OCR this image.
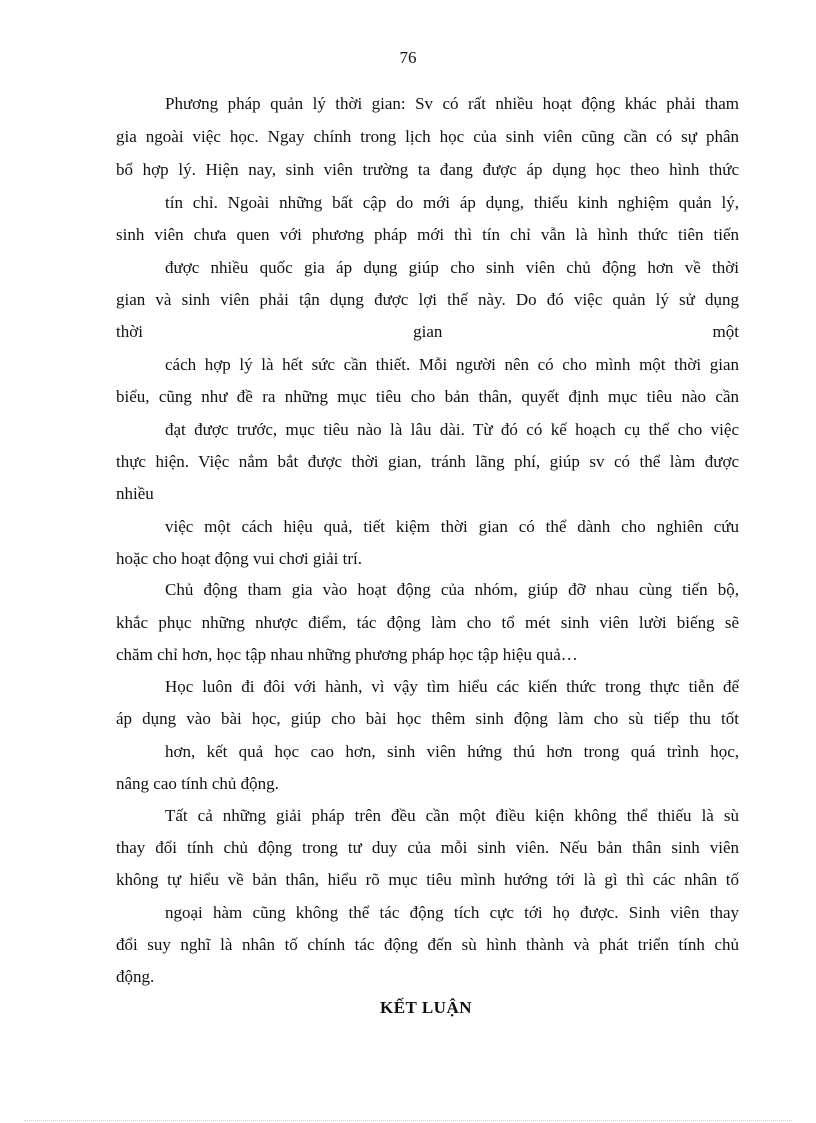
76
Phương pháp quản lý thời gian: Sv có rất nhiều hoạt động khác phải tham
gia ngoài việc học. Ngay chính trong lịch học của sinh viên cũng cần có sự phân
bổ hợp lý. Hiện nay, sinh viên trường ta đang được áp dụng học theo hình thức
tín chỉ. Ngoài những bất cập do mới áp dụng, thiếu kinh nghiệm quản lý,
sinh viên chưa quen với phương pháp mới thì tín chỉ vẫn là hình thức tiên tiến
được nhiều quốc gia áp dụng giúp cho sinh viên chủ động hơn về thời
gian và sinh viên phải tận dụng được lợi thế này. Do đó việc quản lý sử dụng
thời gian một
cách hợp lý là hết sức cần thiết. Mỗi người nên có cho mình một thời gian
biểu, cũng như đề ra những mục tiêu cho bản thân, quyết định mục tiêu nào cần
đạt được trước, mục tiêu nào là lâu dài. Từ đó có kế hoạch cụ thể cho việc
thực hiện. Việc nắm bắt được thời gian, tránh lãng phí, giúp sv có thể làm được
nhiều
việc một cách hiệu quả, tiết kiệm thời gian có thể dành cho nghiên cứu
hoặc cho hoạt động vui chơi giải trí.
Chủ động tham gia vào hoạt động của nhóm, giúp đỡ nhau cùng tiến bộ,
khắc phục những nhược điểm, tác động làm cho tổ mét sinh viên lười biếng sẽ
chăm chỉ hơn, học tập nhau những phương pháp học tập hiệu quả…
Học luôn đi đôi với hành, vì vậy tìm hiểu các kiến thức trong thực tiễn để
áp dụng vào bài học, giúp cho bài học thêm sinh động làm cho sù tiếp thu tốt
hơn, kết quả học cao hơn, sinh viên hứng thú hơn trong quá trình học,
nâng cao tính chủ động.
Tất cả những giải pháp trên đều cần một điều kiện không thể thiếu là sù
thay đổi tính chủ động trong tư duy của mỗi sinh viên. Nếu bản thân sinh viên
không tự hiểu về bản thân, hiểu rõ mục tiêu mình hướng tới là gì thì các nhân tố
ngoại hàm cũng không thể tác động tích cực tới họ được. Sinh viên thay
đổi suy nghĩ là nhân tố chính tác động đến sù hình thành và phát triển tính chủ
động.
KẾT LUẬN
